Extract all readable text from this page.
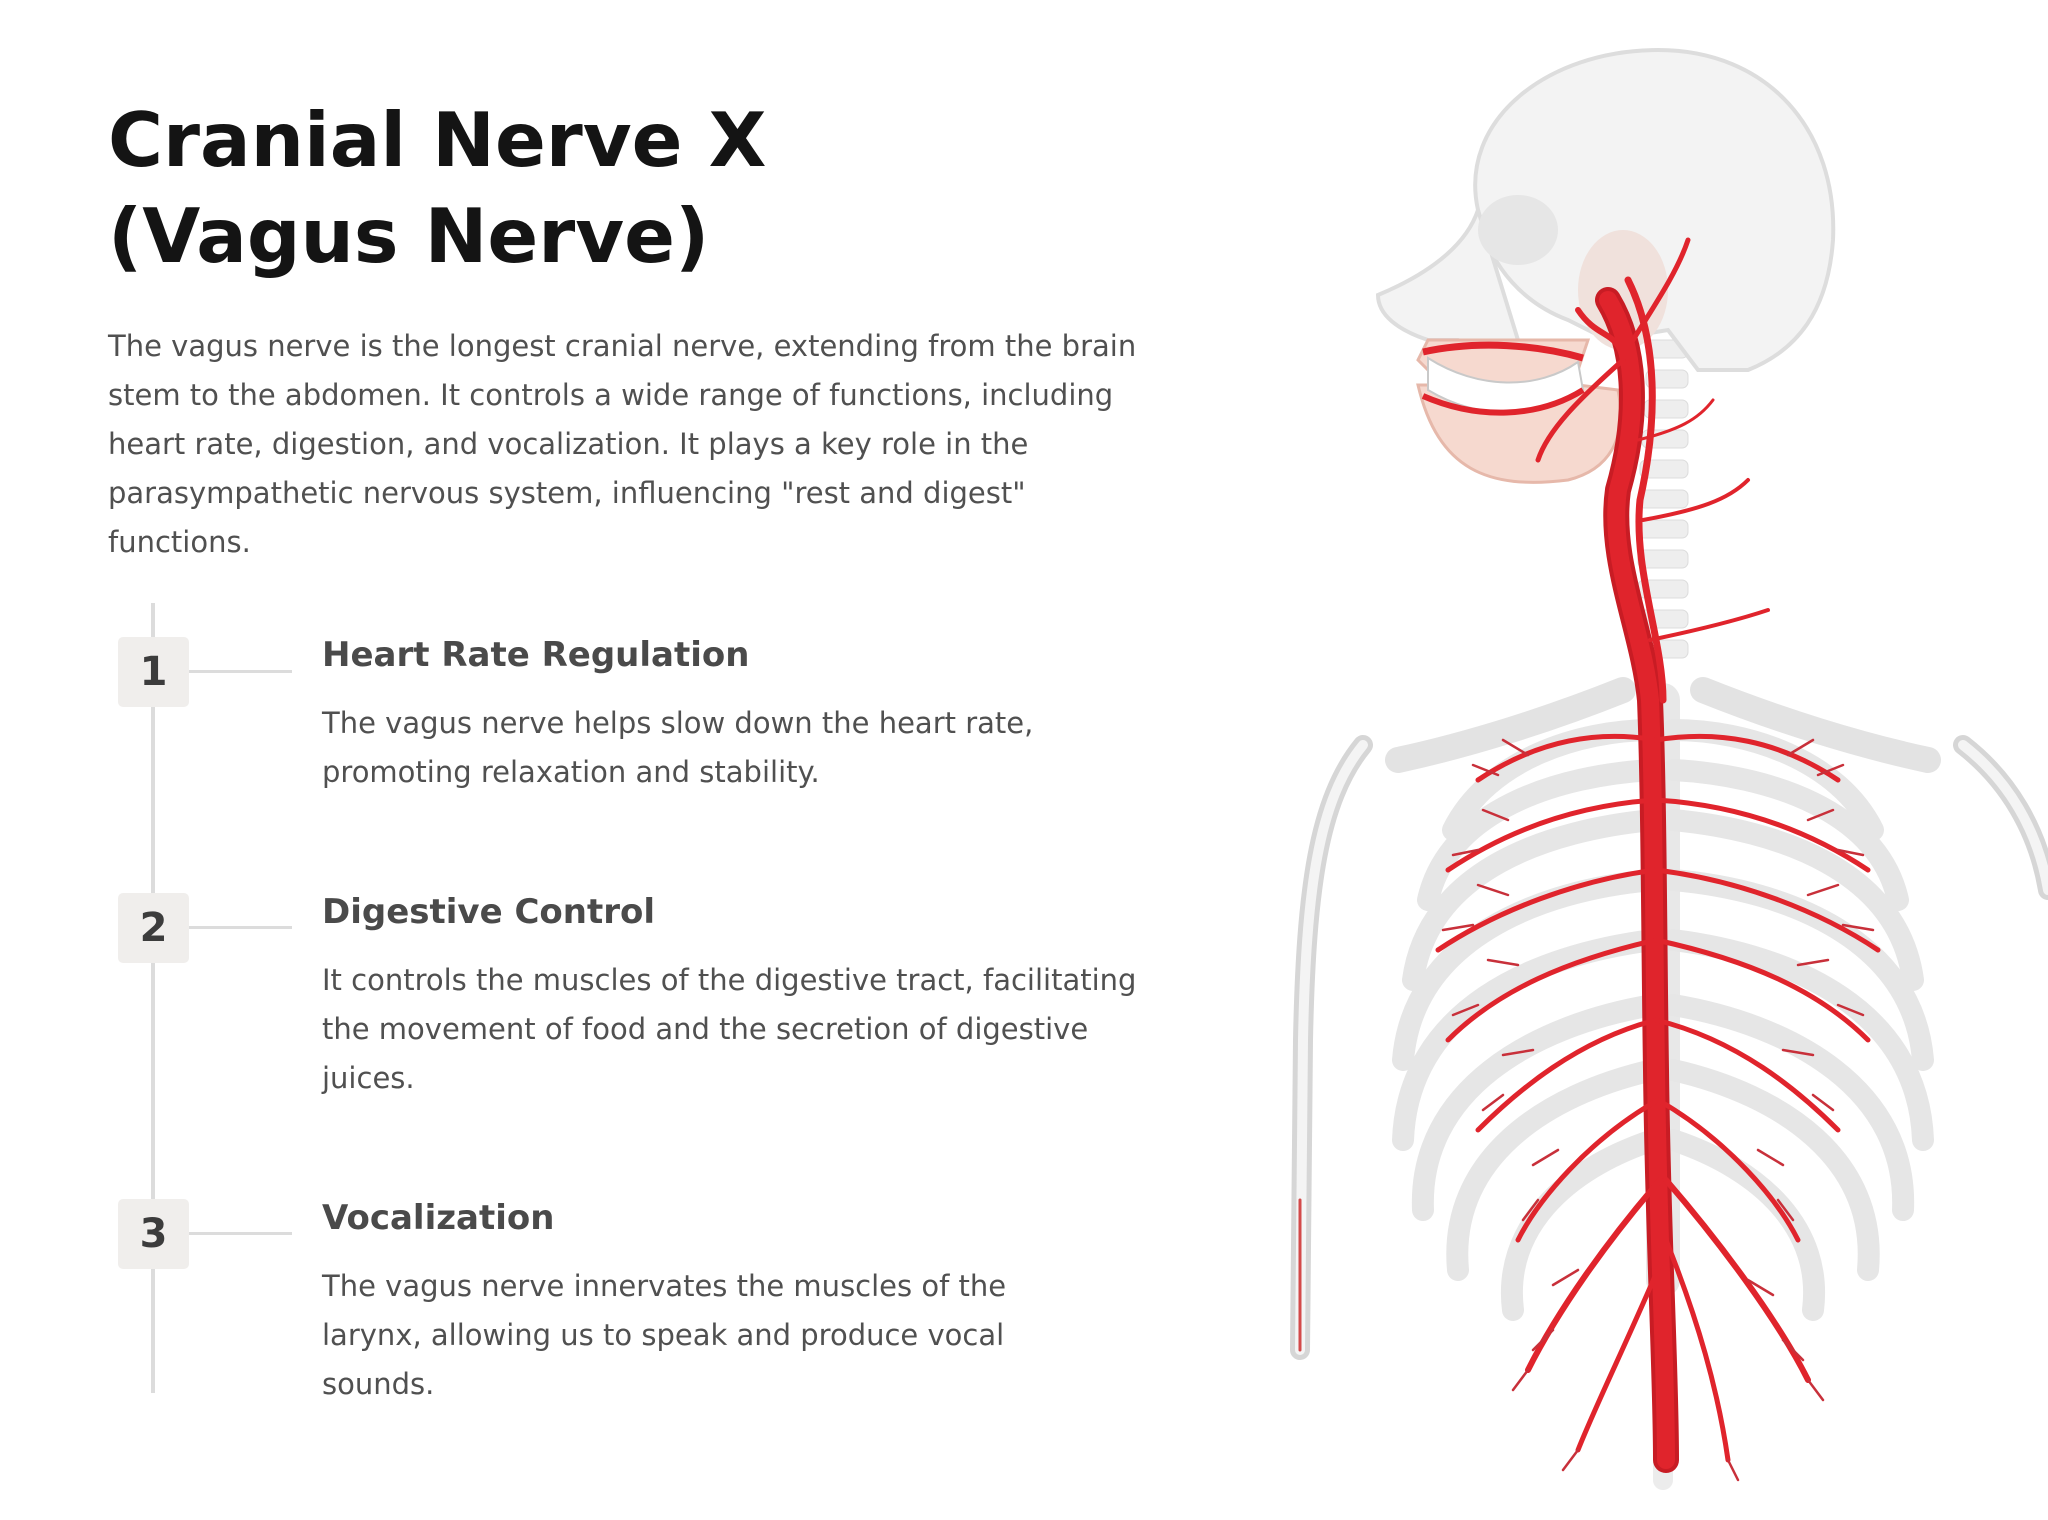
Cranial Nerve X (Vagus Nerve)

The vagus nerve is the longest cranial nerve, extending from the brain stem to the abdomen. It controls a wide range of functions, including heart rate, digestion, and vocalization. It plays a key role in the parasympathetic nervous system, influencing "rest and digest" functions.

1	Heart Rate Regulation

The vagus nerve helps slow down the heart rate, promoting relaxation and stability.

2	Digestive Control

It controls the muscles of the digestive tract, facilitating the movement of food and the secretion of digestive juices.

3	Vocalization

The vagus nerve innervates the muscles of the larynx, allowing us to speak and produce vocal sounds.
